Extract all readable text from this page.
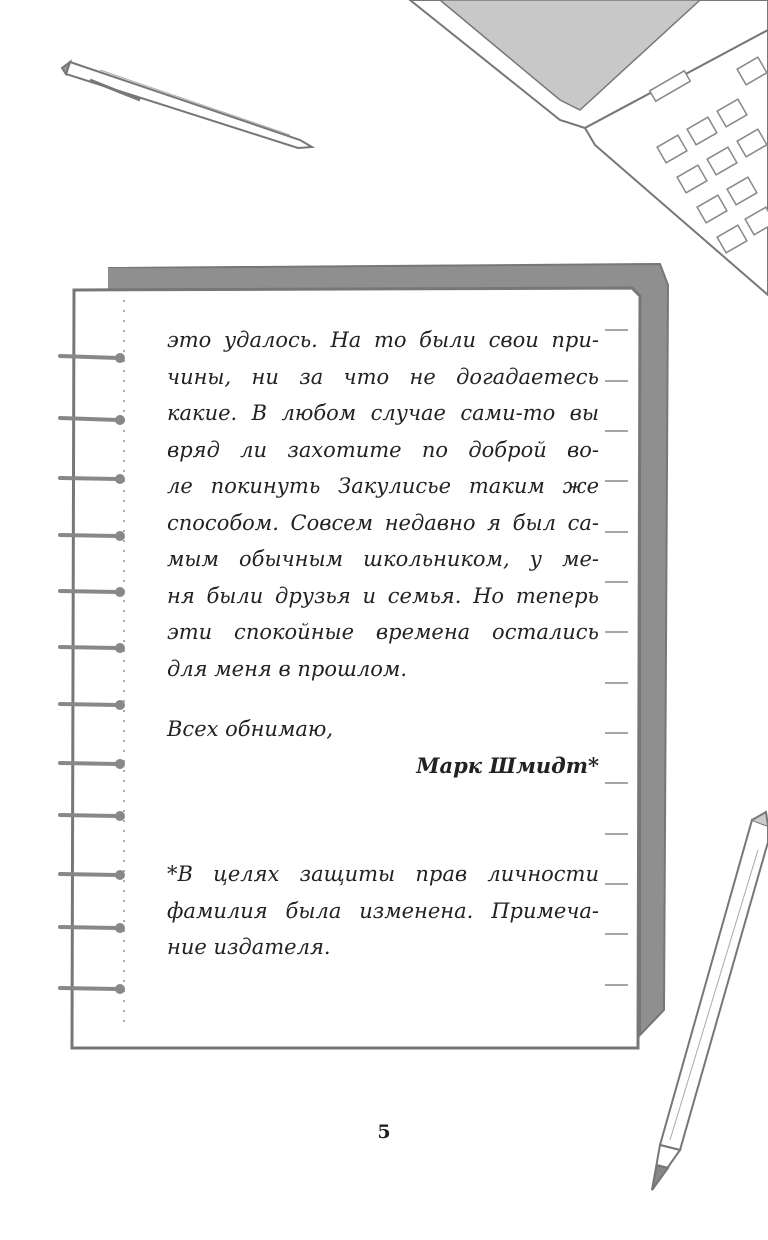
это удалось. На то были свои при-
чины, ни за что не догадаетесь
какие. В любом случае сами-то вы
вряд ли захотите по доброй во-
ле покинуть Закулисье таким же
способом. Совсем недавно я был са-
мым обычным школьником, у ме-
ня были друзья и семья. Но теперь
эти спокойные времена остались
для меня в прошлом.

Всех обнимаю,

Марк Шмидт*

*В целях защиты прав личности
фамилия была изменена. Примеча-
ние издателя.
5
